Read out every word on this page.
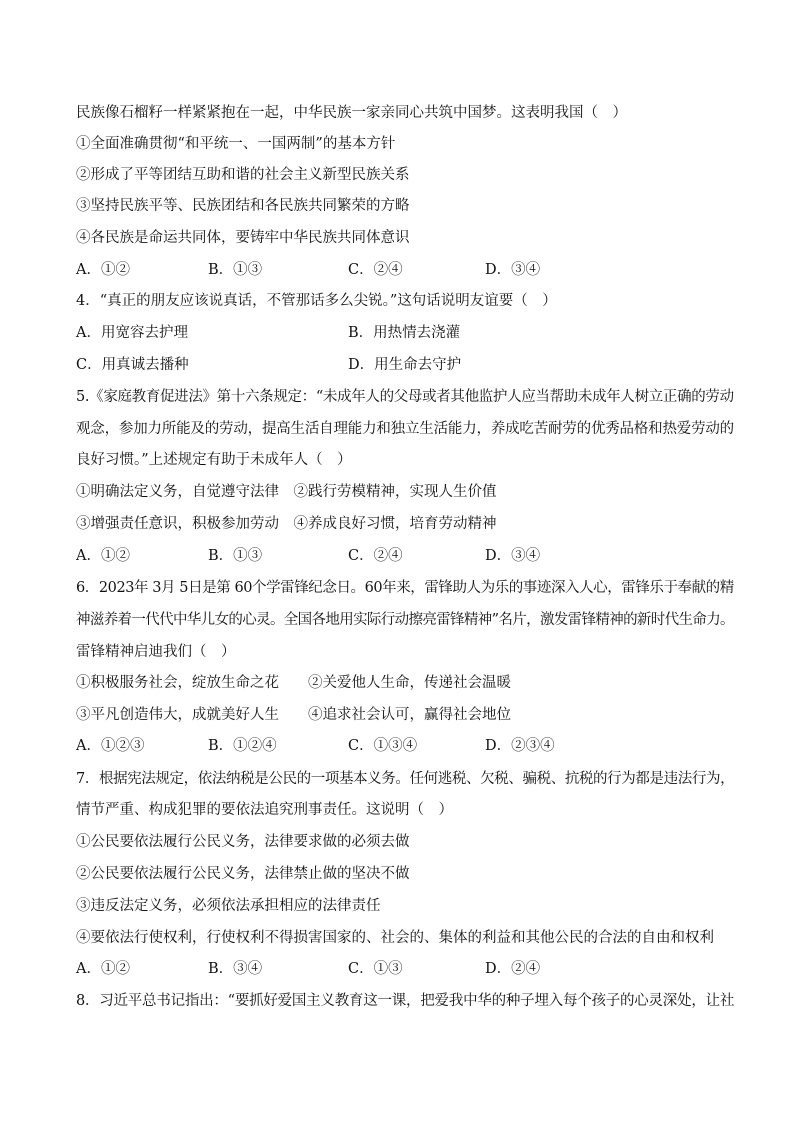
民族像石榴籽一样紧紧抱在一起，中华民族一家亲同心共筑中国梦。这表明我国（　）
①全面准确贯彻“和平统一、一国两制”的基本方针
②形成了平等团结互助和谐的社会主义新型民族关系
③坚持民族平等、民族团结和各民族共同繁荣的方略
④各民族是命运共同体，要铸牢中华民族共同体意识
A．①②	B．①③	C．②④	D．③④
4．“真正的朋友应该说真话，不管那话多么尖锐。”这句话说明友谊要（　）
A．用宽容去护理	B．用热情去浇灌
C．用真诚去播种	D．用生命去守护
5.《家庭教育促进法》第十六条规定：“未成年人的父母或者其他监护人应当帮助未成年人树立正确的劳动
观念，参加力所能及的劳动，提高生活自理能力和独立生活能力，养成吃苦耐劳的优秀品格和热爱劳动的
良好习惯。”上述规定有助于未成年人（　）
①明确法定义务，自觉遵守法律　②践行劳模精神，实现人生价值
③增强责任意识，积极参加劳动　④养成良好习惯，培育劳动精神
A．①②	B．①③	C．②④	D．③④
6．2023年 3月 5日是第 60个学雷锋纪念日。60年来，雷锋助人为乐的事迹深入人心，雷锋乐于奉献的精
神滋养着一代代中华儿女的心灵。全国各地用实际行动擦亮雷锋精神”名片，激发雷锋精神的新时代生命力。
雷锋精神启迪我们（　）
①积极服务社会，绽放生命之花　　②关爱他人生命，传递社会温暖
③平凡创造伟大，成就美好人生　　④追求社会认可，赢得社会地位
A．①②③	B．①②④	C．①③④	D．②③④
7．根据宪法规定，依法纳税是公民的一项基本义务。任何逃税、欠税、骗税、抗税的行为都是违法行为，
情节严重、构成犯罪的要依法追究刑事责任。这说明（　）
①公民要依法履行公民义务，法律要求做的必须去做
②公民要依法履行公民义务，法律禁止做的坚决不做
③违反法定义务，必须依法承担相应的法律责任
④要依法行使权利，行使权利不得损害国家的、社会的、集体的利益和其他公民的合法的自由和权利
A．①②	B．③④	C．①③	D．②④
8．习近平总书记指出：“要抓好爱国主义教育这一课，把爱我中华的种子埋入每个孩子的心灵深处，让社
